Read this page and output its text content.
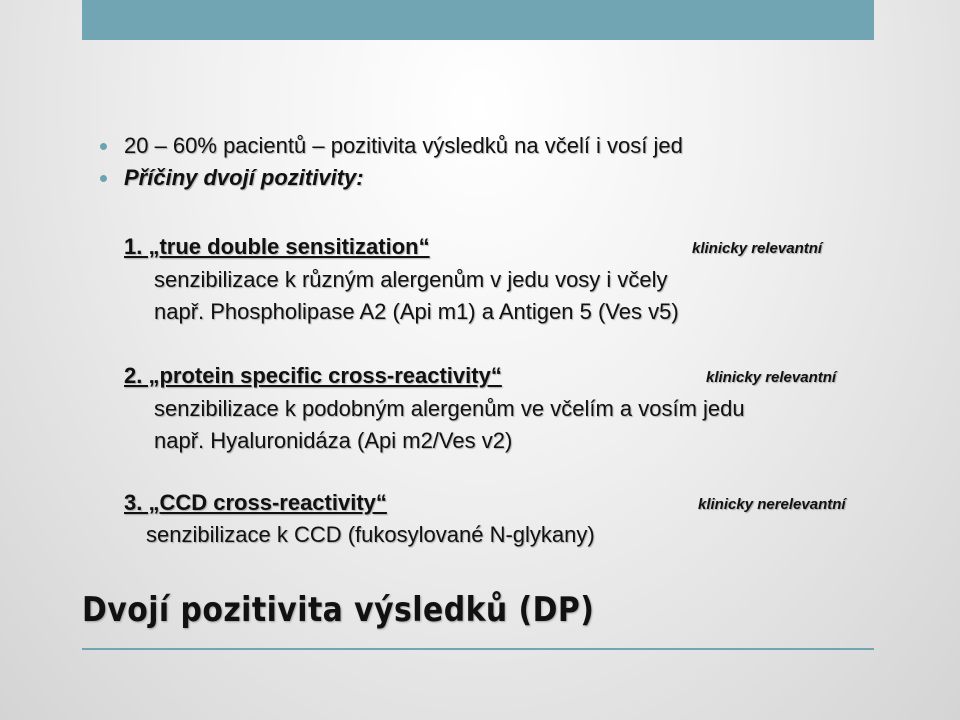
20 – 60% pacientů – pozitivita výsledků na včelí i vosí jed
Příčiny dvojí pozitivity:
1. „true double sensitization“	klinicky relevantní
senzibilizace k různým alergenům v jedu vosy i včely
např. Phospholipase A2 (Api m1) a Antigen 5 (Ves v5)
2. „protein specific cross-reactivity“	klinicky relevantní
senzibilizace k podobným alergenům ve včelím a vosím jedu
např. Hyaluronidáza (Api m2/Ves v2)
3. „CCD cross-reactivity“	klinicky nerelevantní
senzibilizace k CCD (fukosylované N-glykany)
Dvojí pozitivita výsledků (DP)
